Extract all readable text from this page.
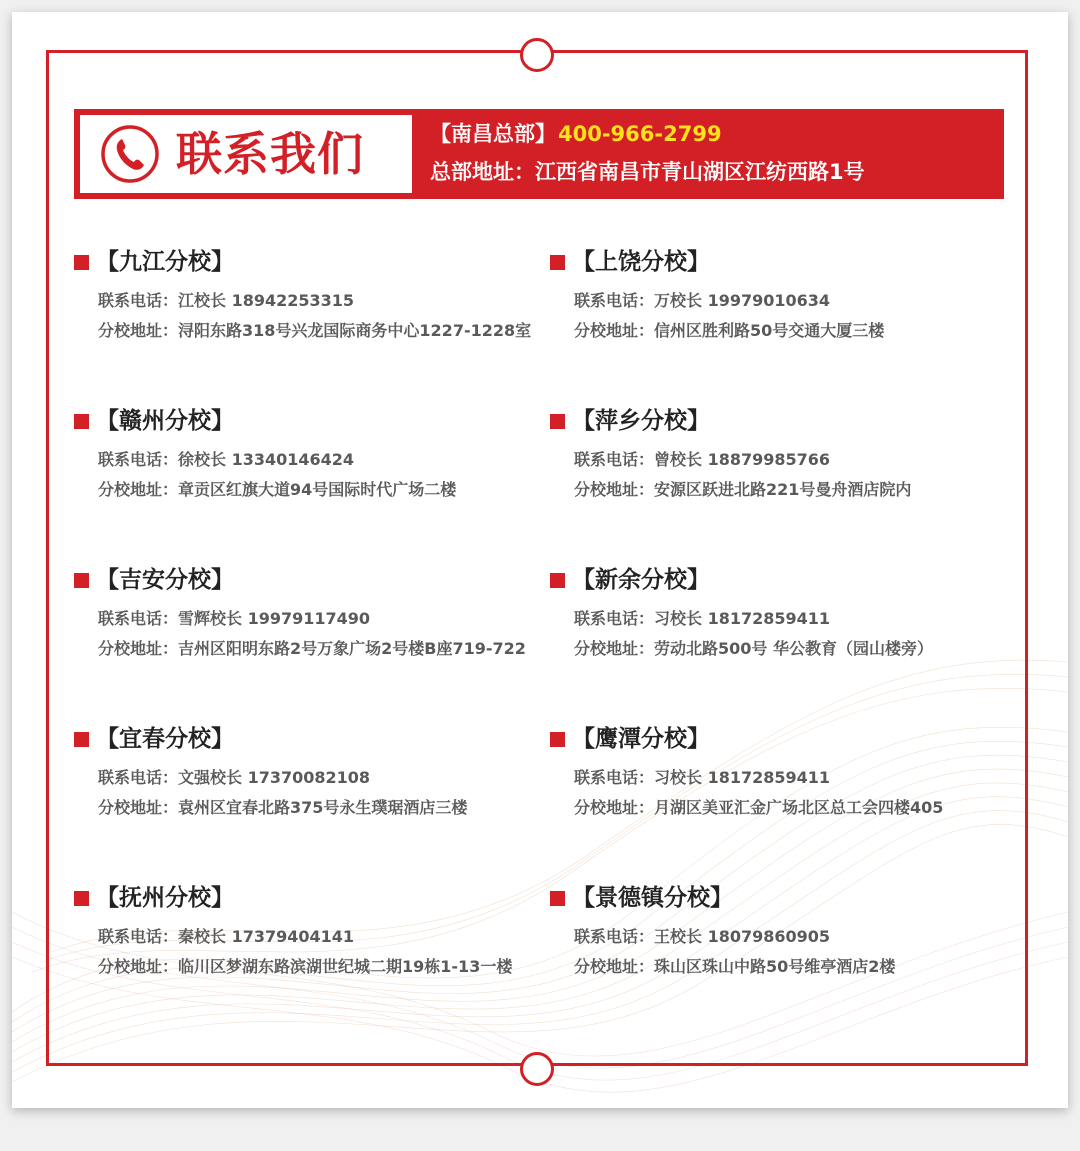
联系我们	【南昌总部】400-966-2799
总部地址：江西省南昌市青山湖区江纺西路1号
【九江分校】
联系电话：江校长 18942253315
分校地址：浔阳东路318号兴龙国际商务中心1227-1228室
【赣州分校】
联系电话：徐校长 13340146424
分校地址：章贡区红旗大道94号国际时代广场二楼
【吉安分校】
联系电话：雪辉校长 19979117490
分校地址：吉州区阳明东路2号万象广场2号楼B座719-722
【宜春分校】
联系电话：文强校长 17370082108
分校地址：袁州区宜春北路375号永生璞琚酒店三楼
【抚州分校】
联系电话：秦校长 17379404141
分校地址：临川区梦湖东路滨湖世纪城二期19栋1-13一楼
【上饶分校】
联系电话：万校长 19979010634
分校地址：信州区胜利路50号交通大厦三楼
【萍乡分校】
联系电话：曾校长 18879985766
分校地址：安源区跃进北路221号曼舟酒店院内
【新余分校】
联系电话：习校长 18172859411
分校地址：劳动北路500号 华公教育（园山楼旁）
【鹰潭分校】
联系电话：习校长 18172859411
分校地址：月湖区美亚汇金广场北区总工会四楼405
【景德镇分校】
联系电话：王校长 18079860905
分校地址：珠山区珠山中路50号维亭酒店2楼
